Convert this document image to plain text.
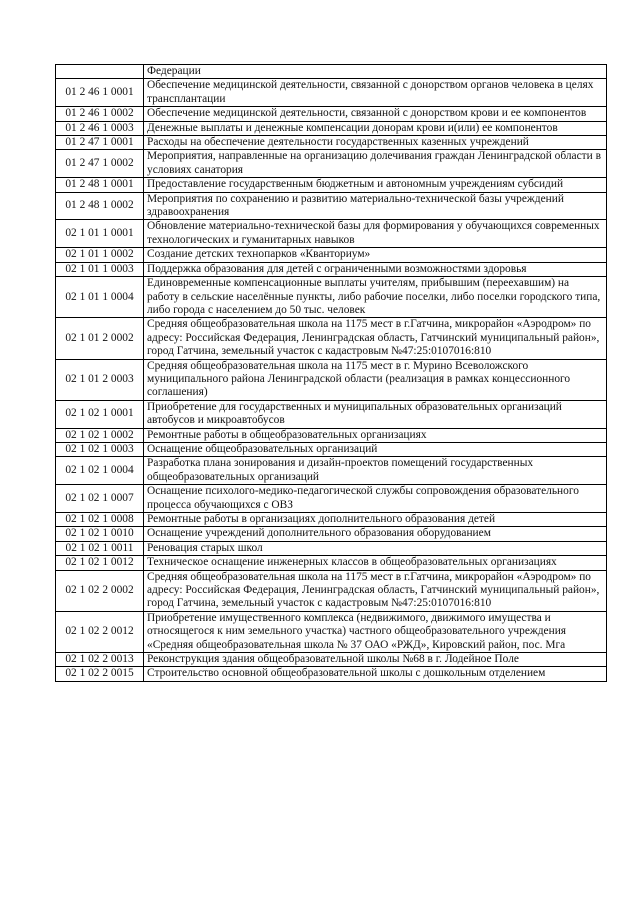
	Федерации
01 2 46 1 0001	Обеспечение медицинской деятельности, связанной с донорством органов человека в целях трансплантации
01 2 46 1 0002	Обеспечение медицинской деятельности, связанной с донорством крови и ее компонентов
01 2 46 1 0003	Денежные выплаты и денежные компенсации донорам крови и(или) ее компонентов
01 2 47 1 0001	Расходы на обеспечение деятельности государственных казенных учреждений
01 2 47 1 0002	Мероприятия, направленные на организацию долечивания граждан Ленинградской области в условиях санатория
01 2 48 1 0001	Предоставление государственным бюджетным и автономным учреждениям субсидий
01 2 48 1 0002	Мероприятия по сохранению и развитию материально-технической базы учреждений здравоохранения
02 1 01 1 0001	Обновление материально-технической базы для формирования у обучающихся современных технологических и гуманитарных навыков
02 1 01 1 0002	Создание детских технопарков «Кванториум»
02 1 01 1 0003	Поддержка образования для детей с ограниченными возможностями здоровья
02 1 01 1 0004	Единовременные компенсационные выплаты учителям, прибывшим (переехавшим) на работу в сельские населённые пункты, либо рабочие поселки, либо поселки городского типа, либо города с населением до 50 тыс. человек
02 1 01 2 0002	Средняя общеобразовательная школа на 1175 мест в г.Гатчина, микрорайон «Аэродром» по адресу: Российская Федерация, Ленинградская область, Гатчинский муниципальный район», город Гатчина, земельный участок с кадастровым №47:25:0107016:810
02 1 01 2 0003	Средняя общеобразовательная школа на 1175 мест в г. Мурино Всеволожского муниципального района Ленинградской области (реализация в рамках концессионного соглашения)
02 1 02 1 0001	Приобретение для государственных и муниципальных образовательных организаций автобусов и микроавтобусов
02 1 02 1 0002	Ремонтные работы в общеобразовательных организациях
02 1 02 1 0003	Оснащение общеобразовательных организаций
02 1 02 1 0004	Разработка плана зонирования и дизайн-проектов помещений государственных общеобразовательных организаций
02 1 02 1 0007	Оснащение психолого-медико-педагогической службы сопровождения образовательного процесса обучающихся с ОВЗ
02 1 02 1 0008	Ремонтные работы в организациях дополнительного образования детей
02 1 02 1 0010	Оснащение учреждений дополнительного образования оборудованием
02 1 02 1 0011	Реновация старых школ
02 1 02 1 0012	Техническое оснащение инженерных классов в общеобразовательных организациях
02 1 02 2 0002	Средняя общеобразовательная школа на 1175 мест в г.Гатчина, микрорайон «Аэродром» по адресу: Российская Федерация, Ленинградская область, Гатчинский муниципальный район», город Гатчина, земельный участок с кадастровым №47:25:0107016:810
02 1 02 2 0012	Приобретение имущественного комплекса (недвижимого, движимого имущества и относящегося к ним земельного участка) частного общеобразовательного учреждения «Средняя общеобразовательная школа № 37 ОАО «РЖД», Кировский район, пос. Мга
02 1 02 2 0013	Реконструкция здания общеобразовательной школы №68 в г. Лодейное Поле
02 1 02 2 0015	Строительство основной общеобразовательной школы с дошкольным отделением
